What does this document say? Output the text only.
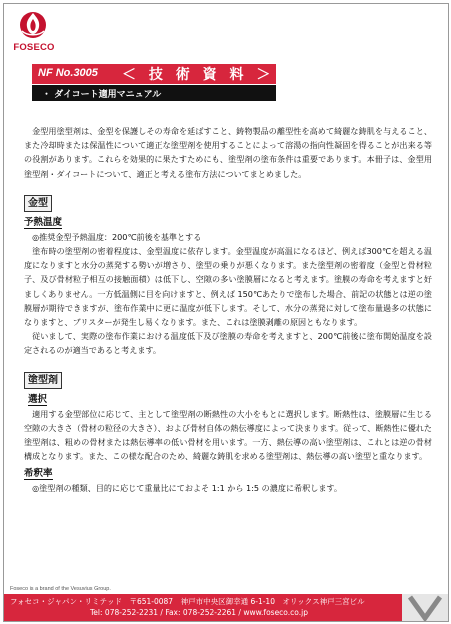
FOSECO
NF No.3005 ＜ 技 術 資 料 ＞
・ ダイコート適用マニュアル

金型用塗型剤は、金型を保護しその寿命を延ばすこと、鋳物製品の離型性を高めて綺麗な鋳肌を与えること、また冷却時または保温性について適正な塗型剤を使用することによって溶湯の指向性凝固を得ることが出来る等の役割があります。これらを効果的に果たすためにも、塗型剤の塗布条件は重要であります。本冊子は、金型用塗型剤・ダイコートについて、適正と考える塗布方法についてまとめました。

金型
予熱温度

◎推奨金型予熱温度：200℃前後を基準とする

塗布時の塗型剤の密着程度は、金型温度に依存します。金型温度が高温になるほど、例えば300℃を超える温度になりますと水分の蒸発する勢いが増さり、塗型の乗りが悪くなります。また塗型剤の密着度（金型と骨材粒子、及び骨材粒子相互の接触面積）は低下し、空隙の多い塗膜層になると考えます。塗膜の寿命を考えますと好ましくありません。一方低温側に目を向けますと、例えば 150℃あたりで塗布した場合、前記の状態とは逆の塗膜層が期待できますが、塗布作業中に更に温度が低下します。そして、水分の蒸発に対して塗布量過多の状態になりますと、ブリスターが発生し易くなります。また、これは塗膜剥離の原因ともなります。

従いまして、実際の塗布作業における温度低下及び塗膜の寿命を考えますと、200℃前後に塗布開始温度を設定されるのが適当であると考えます。

塗型剤
選択

適用する金型部位に応じて、主として塗型剤の断熱性の大小をもとに選択します。断熱性は、塗膜層に生じる空隙の大きさ（骨材の粒径の大きさ）、および骨材自体の熱伝導度によって決まります。従って、断熱性に優れた塗型剤は、粗めの骨材または熱伝導率の低い骨材を用います。一方、熱伝導の高い塗型剤は、これとは逆の骨材構成となります。また、この様な配合のため、綺麗な鋳肌を求める塗型剤は、熱伝導の高い塗型と重なります。

希釈率

◎塗型剤の種類、目的に応じて重量比にておよそ 1:1 から 1:5 の濃度に希釈します。

Foseco is a brand of the Vesuvius Group.
フォセコ・ジャパン・リミテッド　〒651-0087　神戸市中央区御幸通 6-1-10　オリックス神戸三宮ビル
Tel: 078-252-2231 / Fax: 078-252-2261 / www.foseco.co.jp
